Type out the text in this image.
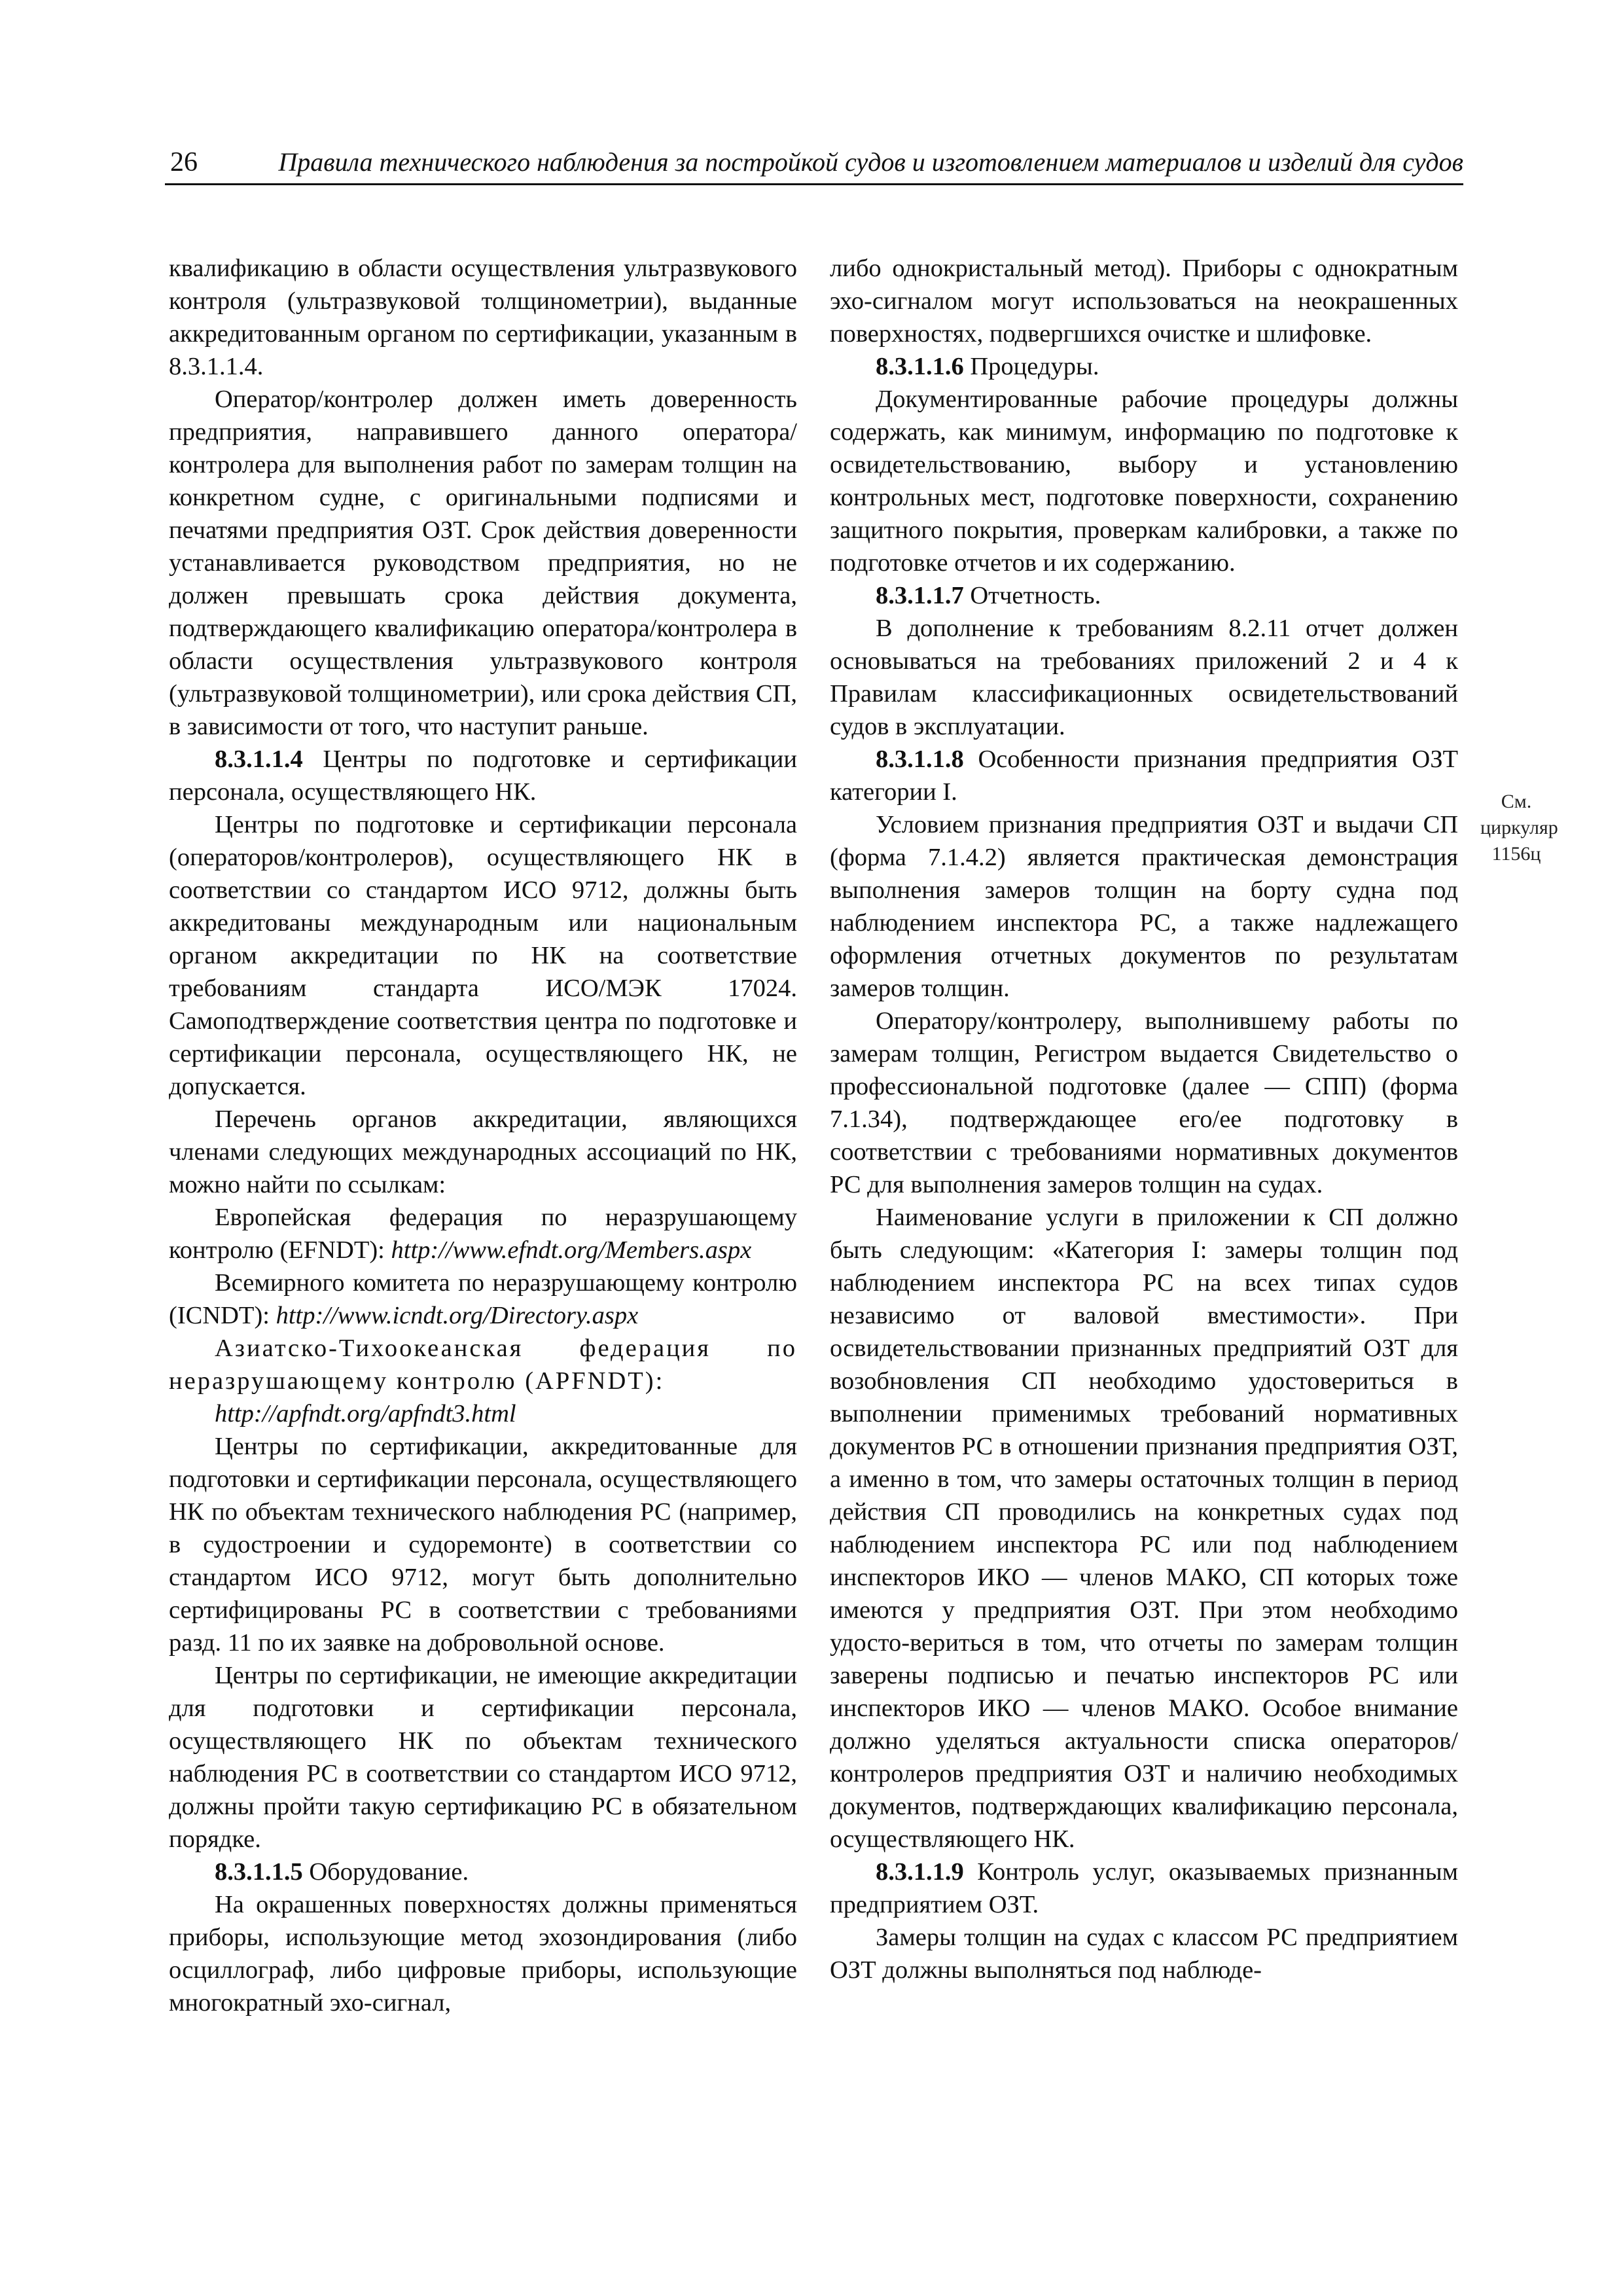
26	Правила технического наблюдения за постройкой судов и изготовлением материалов и изделий для судов

квалификацию в области осуществления ультразвукового контроля (ультразвуковой толщинометрии), выданные аккредитованным органом по сертификации, указанным в 8.3.1.1.4.

Оператор/контролер должен иметь доверенность предприятия, направившего данного оператора/контролера для выполнения работ по замерам толщин на конкретном судне, с оригинальными подписями и печатями предприятия ОЗТ. Срок действия доверенности устанавливается руководством предприятия, но не должен превышать срока действия документа, подтверждающего квалификацию оператора/контролера в области осуществления ультразвукового контроля (ультразвуковой толщинометрии), или срока действия СП, в зависимости от того, что наступит раньше.

8.3.1.1.4 Центры по подготовке и сертификации персонала, осуществляющего НК.

Центры по подготовке и сертификации персонала (операторов/контролеров), осуществляющего НК в соответствии со стандартом ИСО 9712, должны быть аккредитованы международным или национальным органом аккредитации по НК на соответствие требованиям стандарта ИСО/МЭК 17024. Самоподтверждение соответствия центра по подготовке и сертификации персонала, осуществляющего НК, не допускается.

Перечень органов аккредитации, являющихся членами следующих международных ассоциаций по НК, можно найти по ссылкам:

Европейская федерация по неразрушающему контролю (EFNDT): http://www.efndt.org/Members.aspx

Всемирного комитета по неразрушающему контролю (ICNDT): http://www.icndt.org/Directory.aspx

Азиатско-Тихоокеанская федерация по неразрушающему контролю (APFNDT):

http://apfndt.org/apfndt3.html

Центры по сертификации, аккредитованные для подготовки и сертификации персонала, осуществляющего НК по объектам технического наблюдения РС (например, в судостроении и судоремонте) в соответствии со стандартом ИСО 9712, могут быть дополнительно сертифицированы РС в соответствии с требованиями разд. 11 по их заявке на добровольной основе.

Центры по сертификации, не имеющие аккредитации для подготовки и сертификации персонала, осуществляющего НК по объектам технического наблюдения РС в соответствии со стандартом ИСО 9712, должны пройти такую сертификацию РС в обязательном порядке.

8.3.1.1.5 Оборудование.

На окрашенных поверхностях должны применяться приборы, использующие метод эхозондирования (либо осциллограф, либо цифровые приборы, использующие многократный эхо-сигнал,

либо однокристальный метод). Приборы с однократным эхо-сигналом могут использоваться на неокрашенных поверхностях, подвергшихся очистке и шлифовке.

8.3.1.1.6 Процедуры.

Документированные рабочие процедуры должны содержать, как минимум, информацию по подготовке к освидетельствованию, выбору и установлению контрольных мест, подготовке поверхности, сохранению защитного покрытия, проверкам калибровки, а также по подготовке отчетов и их содержанию.

8.3.1.1.7 Отчетность.

В дополнение к требованиям 8.2.11 отчет должен основываться на требованиях приложений 2 и 4 к Правилам классификационных освидетельствований судов в эксплуатации.

8.3.1.1.8 Особенности признания предприятия ОЗТ категории I.

Условием признания предприятия ОЗТ и выдачи СП (форма 7.1.4.2) является практическая демонстрация выполнения замеров толщин на борту судна под наблюдением инспектора РС, а также надлежащего оформления отчетных документов по результатам замеров толщин.

Оператору/контролеру, выполнившему работы по замерам толщин, Регистром выдается Свидетельство о профессиональной подготовке (далее — СПП) (форма 7.1.34), подтверждающее его/ее подготовку в соответствии с требованиями нормативных документов РС для выполнения замеров толщин на судах.

Наименование услуги в приложении к СП должно быть следующим: «Категория I: замеры толщин под наблюдением инспектора РС на всех типах судов независимо от валовой вместимости». При освидетельствовании признанных предприятий ОЗТ для возобновления СП необходимо удостовериться в выполнении применимых требований нормативных документов РС в отношении признания предприятия ОЗТ, а именно в том, что замеры остаточных толщин в период действия СП проводились на конкретных судах под наблюдением инспектора РС или под наблюдением инспекторов ИКО — членов МАКО, СП которых тоже имеются у предприятия ОЗТ. При этом необходимо удосто-вериться в том, что отчеты по замерам толщин заверены подписью и печатью инспекторов РС или инспекторов ИКО — членов МАКО. Особое внимание должно уделяться актуальности списка операторов/контролеров предприятия ОЗТ и наличию необходимых документов, подтверждающих квалификацию персонала, осуществляющего НК.

8.3.1.1.9 Контроль услуг, оказываемых признанным предприятием ОЗТ.

Замеры толщин на судах с классом РС предприятием ОЗТ должны выполняться под наблюде-

См.
циркуляр
1156ц
